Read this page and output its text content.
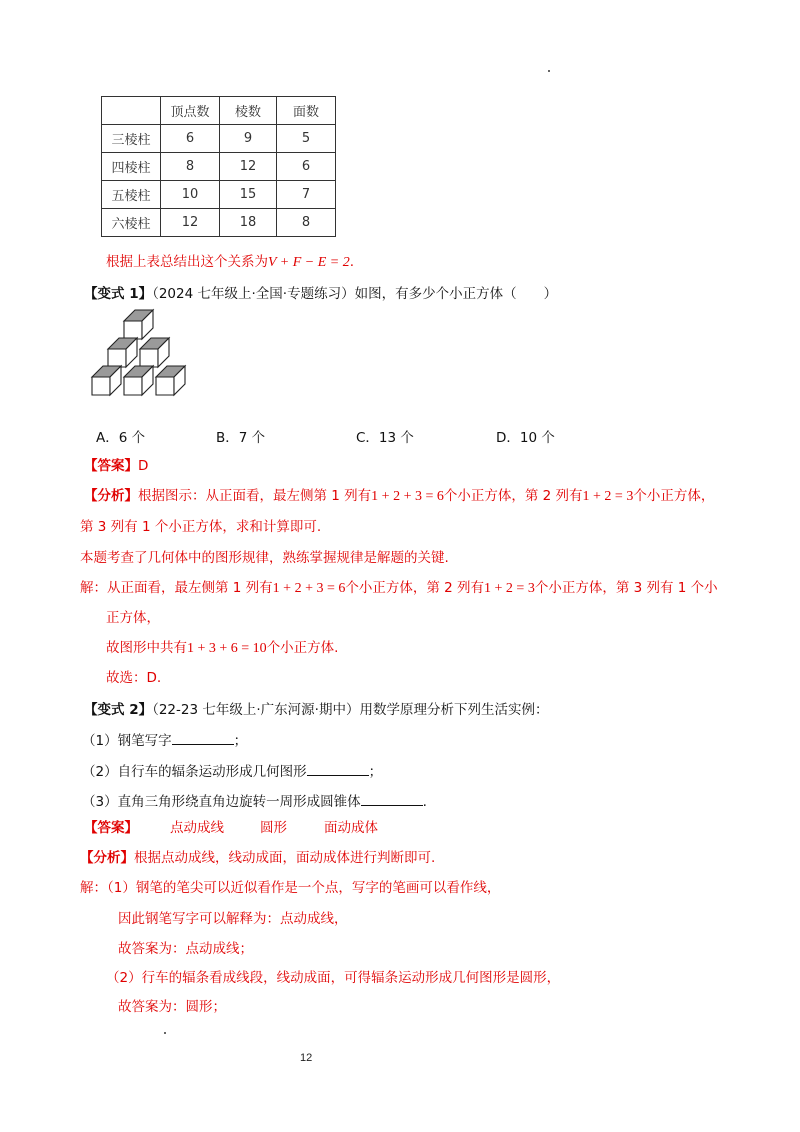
	顶点数	棱数	面数
三棱柱	6	9	5
四棱柱	8	12	6
五棱柱	10	15	7
六棱柱	12	18	8
根据上表总结出这个关系为V + F − E = 2.
【变式 1】（2024 七年级上·全国·专题练习）如图，有多少个小正方体（　　）
A．6 个	B．7 个	C．13 个	D．10 个
【答案】D
【分析】根据图示：从正面看，最左侧第 1 列有1 + 2 + 3 = 6个小正方体，第 2 列有1 + 2 = 3个小正方体，
第 3 列有 1 个小正方体，求和计算即可.
本题考查了几何体中的图形规律，熟练掌握规律是解题的关键.
解：从正面看，最左侧第 1 列有1 + 2 + 3 = 6个小正方体，第 2 列有1 + 2 = 3个小正方体，第 3 列有 1 个小
正方体，
故图形中共有1 + 3 + 6 = 10个小正方体.
故选：D.
【变式 2】（22-23 七年级上·广东河源·期中）用数学原理分析下列生活实例：
（1）钢笔写字	；
（2）自行车的辐条运动形成几何图形	；
（3）直角三角形绕直角边旋转一周形成圆锥体	.
【答案】 点动成线	圆形	面动成体
【分析】根据点动成线，线动成面，面动成体进行判断即可.
解：（1）钢笔的笔尖可以近似看作是一个点，写字的笔画可以看作线，
因此钢笔写字可以解释为：点动成线，
故答案为：点动成线；
（2）行车的辐条看成线段，线动成面，可得辐条运动形成几何图形是圆形，
故答案为：圆形；
12
